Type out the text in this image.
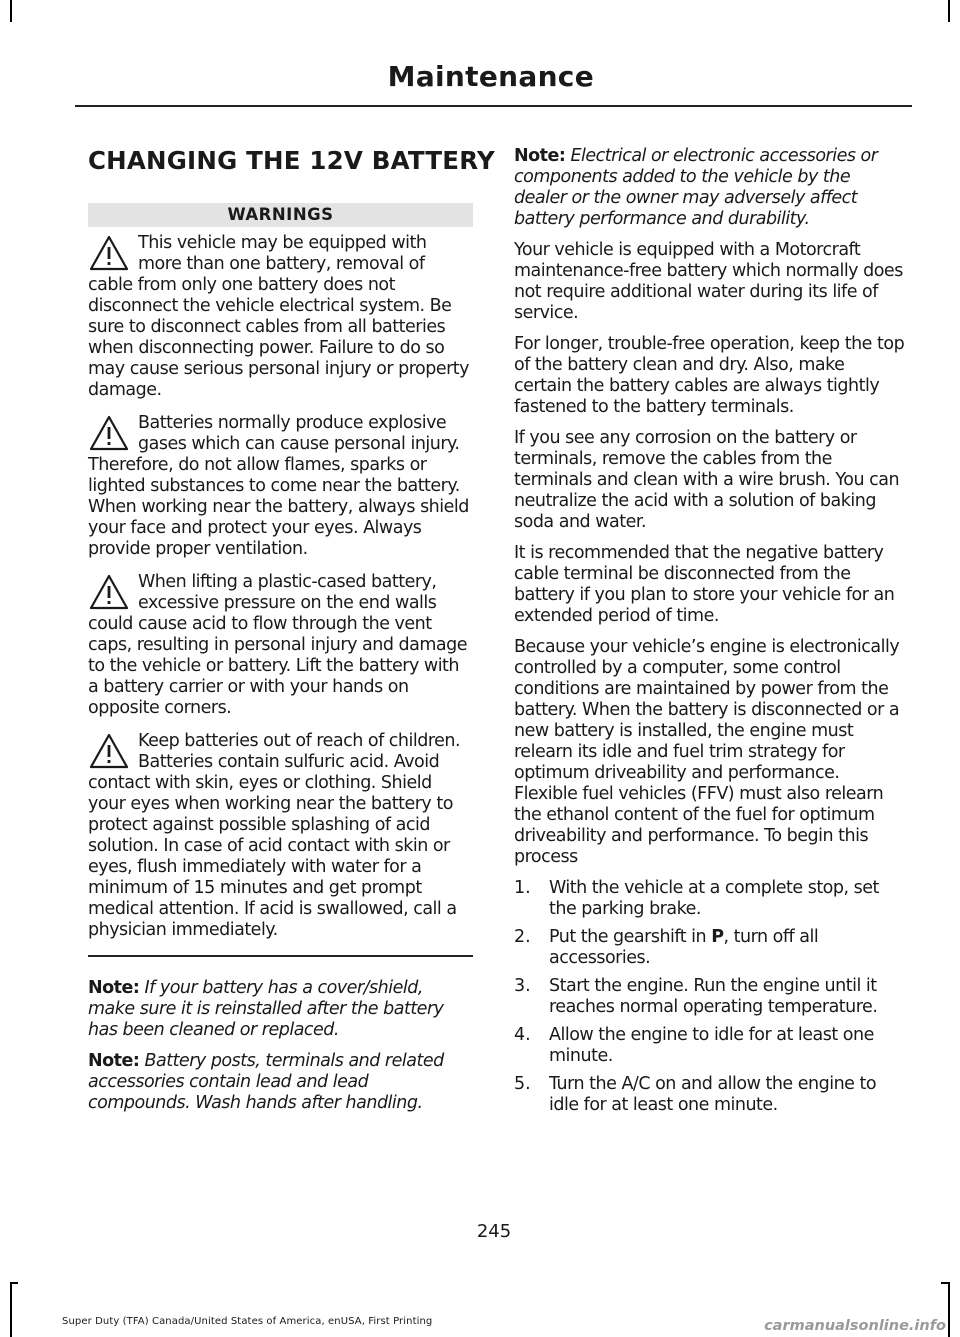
Maintenance
CHANGING THE 12V BATTERY
WARNINGS

This vehicle may be equipped with more than one battery, removal of cable from only one battery does not disconnect the vehicle electrical system. Be sure to disconnect cables from all batteries when disconnecting power. Failure to do so may cause serious personal injury or property damage.

Batteries normally produce explosive gases which can cause personal injury. Therefore, do not allow flames, sparks or lighted substances to come near the battery. When working near the battery, always shield your face and protect your eyes. Always provide proper ventilation.

When lifting a plastic-cased battery, excessive pressure on the end walls could cause acid to flow through the vent caps, resulting in personal injury and damage to the vehicle or battery. Lift the battery with a battery carrier or with your hands on opposite corners.

Keep batteries out of reach of children. Batteries contain sulfuric acid. Avoid contact with skin, eyes or clothing. Shield your eyes when working near the battery to protect against possible splashing of acid solution. In case of acid contact with skin or eyes, flush immediately with water for a minimum of 15 minutes and get prompt medical attention. If acid is swallowed, call a physician immediately.

Note: If your battery has a cover/shield, make sure it is reinstalled after the battery has been cleaned or replaced.

Note: Battery posts, terminals and related accessories contain lead and lead compounds. Wash hands after handling.

Note: Electrical or electronic accessories or components added to the vehicle by the dealer or the owner may adversely affect battery performance and durability.

Your vehicle is equipped with a Motorcraft maintenance-free battery which normally does not require additional water during its life of service.

For longer, trouble-free operation, keep the top of the battery clean and dry. Also, make certain the battery cables are always tightly fastened to the battery terminals.

If you see any corrosion on the battery or terminals, remove the cables from the terminals and clean with a wire brush. You can neutralize the acid with a solution of baking soda and water.

It is recommended that the negative battery cable terminal be disconnected from the battery if you plan to store your vehicle for an extended period of time.

Because your vehicle’s engine is electronically controlled by a computer, some control conditions are maintained by power from the battery. When the battery is disconnected or a new battery is installed, the engine must relearn its idle and fuel trim strategy for optimum driveability and performance. Flexible fuel vehicles (FFV) must also relearn the ethanol content of the fuel for optimum driveability and performance. To begin this process

1.	With the vehicle at a complete stop, set the parking brake.
2.	Put the gearshift in P, turn off all accessories.
3.	Start the engine. Run the engine until it reaches normal operating temperature.
4.	Allow the engine to idle for at least one minute.
5.	Turn the A/C on and allow the engine to idle for at least one minute.
245
Super Duty (TFA) Canada/United States of America, enUSA, First Printing	carmanualsonline.info
